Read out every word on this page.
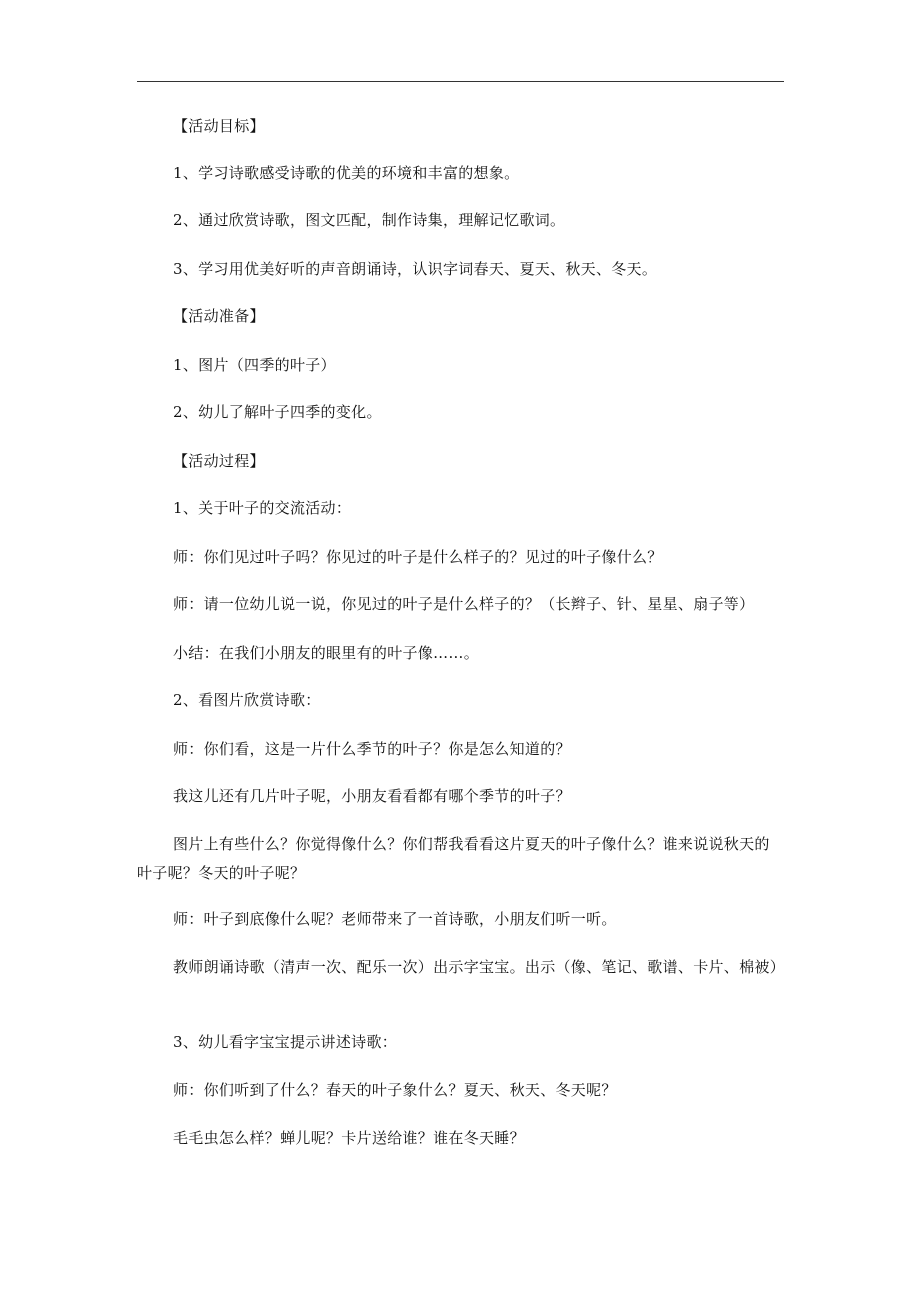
【活动目标】
1、学习诗歌感受诗歌的优美的环境和丰富的想象。
2、通过欣赏诗歌，图文匹配，制作诗集，理解记忆歌词。
3、学习用优美好听的声音朗诵诗，认识字词春天、夏天、秋天、冬天。
【活动准备】
1、图片（四季的叶子）
2、幼儿了解叶子四季的变化。
【活动过程】
1、关于叶子的交流活动：
师：你们见过叶子吗？你见过的叶子是什么样子的？见过的叶子像什么？
师：请一位幼儿说一说，你见过的叶子是什么样子的？（长辫子、针、星星、扇子等）
小结：在我们小朋友的眼里有的叶子像……。
2、看图片欣赏诗歌：
师：你们看，这是一片什么季节的叶子？你是怎么知道的？
我这儿还有几片叶子呢，小朋友看看都有哪个季节的叶子？
图片上有些什么？你觉得像什么？你们帮我看看这片夏天的叶子像什么？谁来说说秋天的叶子呢？冬天的叶子呢？
师：叶子到底像什么呢？老师带来了一首诗歌，小朋友们听一听。
教师朗诵诗歌（清声一次、配乐一次）出示字宝宝。出示（像、笔记、歌谱、卡片、棉被）
3、幼儿看字宝宝提示讲述诗歌：
师：你们听到了什么？春天的叶子象什么？夏天、秋天、冬天呢？
毛毛虫怎么样？蝉儿呢？卡片送给谁？谁在冬天睡？
